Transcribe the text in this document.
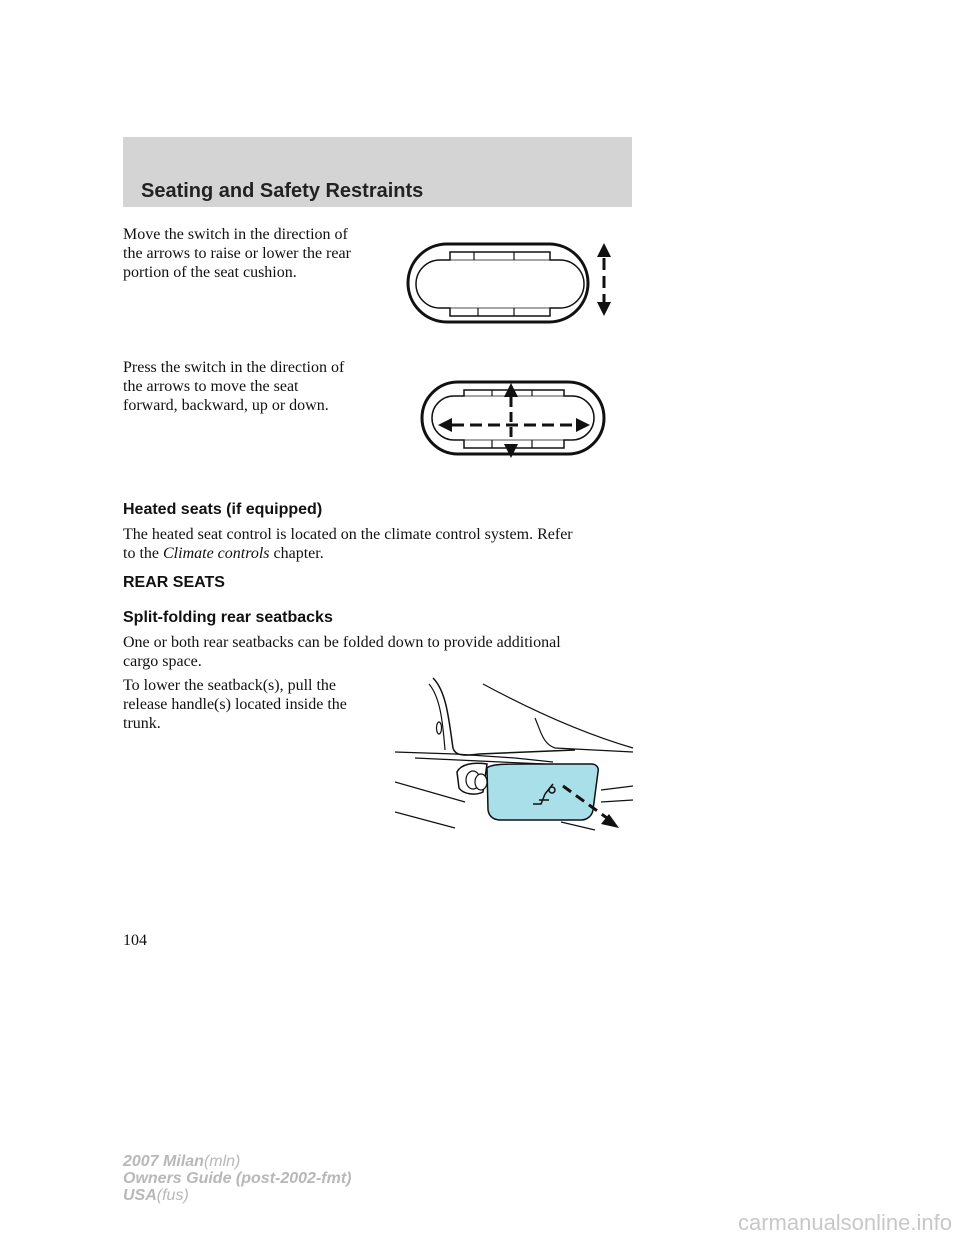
Seating and Safety Restraints

Move the switch in the direction of
the arrows to raise or lower the rear
portion of the seat cushion.

Press the switch in the direction of
the arrows to move the seat
forward, backward, up or down.

Heated seats (if equipped)

The heated seat control is located on the climate control system. Refer
to the Climate controls chapter.

REAR SEATS
Split-folding rear seatbacks

One or both rear seatbacks can be folded down to provide additional
cargo space.

To lower the seatback(s), pull the
release handle(s) located inside the
trunk.

104

2007 Milan(mln)
Owners Guide (post-2002-fmt)
USA(fus)
carmanualsonline.info
